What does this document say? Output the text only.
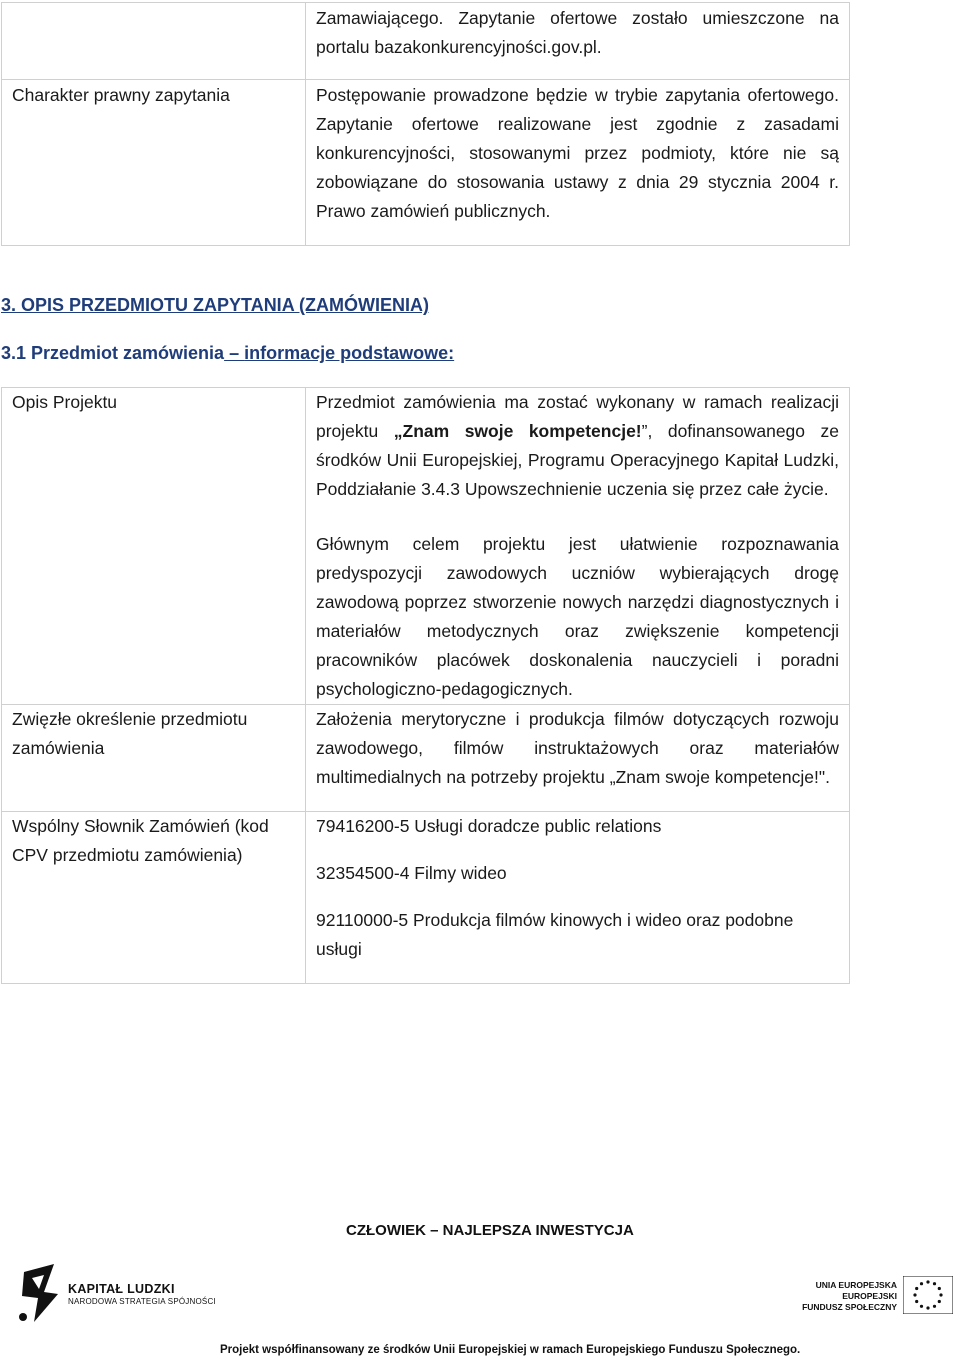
	Zamawiającego. Zapytanie ofertowe zostało umieszczone na portalu bazakonkurencyjności.gov.pl.

Charakter prawny zapytania	Postępowanie prowadzone będzie w trybie zapytania ofertowego. Zapytanie ofertowe realizowane jest zgodnie z zasadami konkurencyjności, stosowanymi przez podmioty, które nie są zobowiązane do stosowania ustawy z dnia 29 stycznia 2004 r. Prawo zamówień publicznych.

3. OPIS PRZEDMIOTU ZAPYTANIA (ZAMÓWIENIA)

3.1 Przedmiot zamówienia – informacje podstawowe:

Opis Projektu	Przedmiot zamówienia ma zostać wykonany w ramach realizacji projektu „Znam swoje kompetencje!”, dofinansowanego ze środków Unii Europejskiej, Programu Operacyjnego Kapitał Ludzki, Poddziałanie 3.4.3 Upowszechnienie uczenia się przez całe życie.
Głównym celem projektu jest ułatwienie rozpoznawania predyspozycji zawodowych uczniów wybierających drogę zawodową poprzez stworzenie nowych narzędzi diagnostycznych i materiałów metodycznych oraz zwiększenie kompetencji pracowników placówek doskonalenia nauczycieli i poradni psychologiczno-pedagogicznych.

Zwięzłe określenie przedmiotu zamówienia	Założenia merytoryczne i produkcja filmów dotyczących rozwoju zawodowego, filmów instruktażowych oraz materiałów multimedialnych na potrzeby projektu „Znam swoje kompetencje!".

Wspólny Słownik Zamówień (kod CPV przedmiotu zamówienia)	79416200-5 Usługi doradcze public relations
32354500-4 Filmy wideo
92110000-5 Produkcja filmów kinowych i wideo oraz podobne usługi
CZŁOWIEK – NAJLEPSZA INWESTYCJA
KAPITAŁ LUDZKI
NARODOWA STRATEGIA SPÓJNOŚCI
UNIA EUROPEJSKA
EUROPEJSKI
FUNDUSZ SPOŁECZNY
Projekt współfinansowany ze środków Unii Europejskiej w ramach Europejskiego Funduszu Społecznego.
